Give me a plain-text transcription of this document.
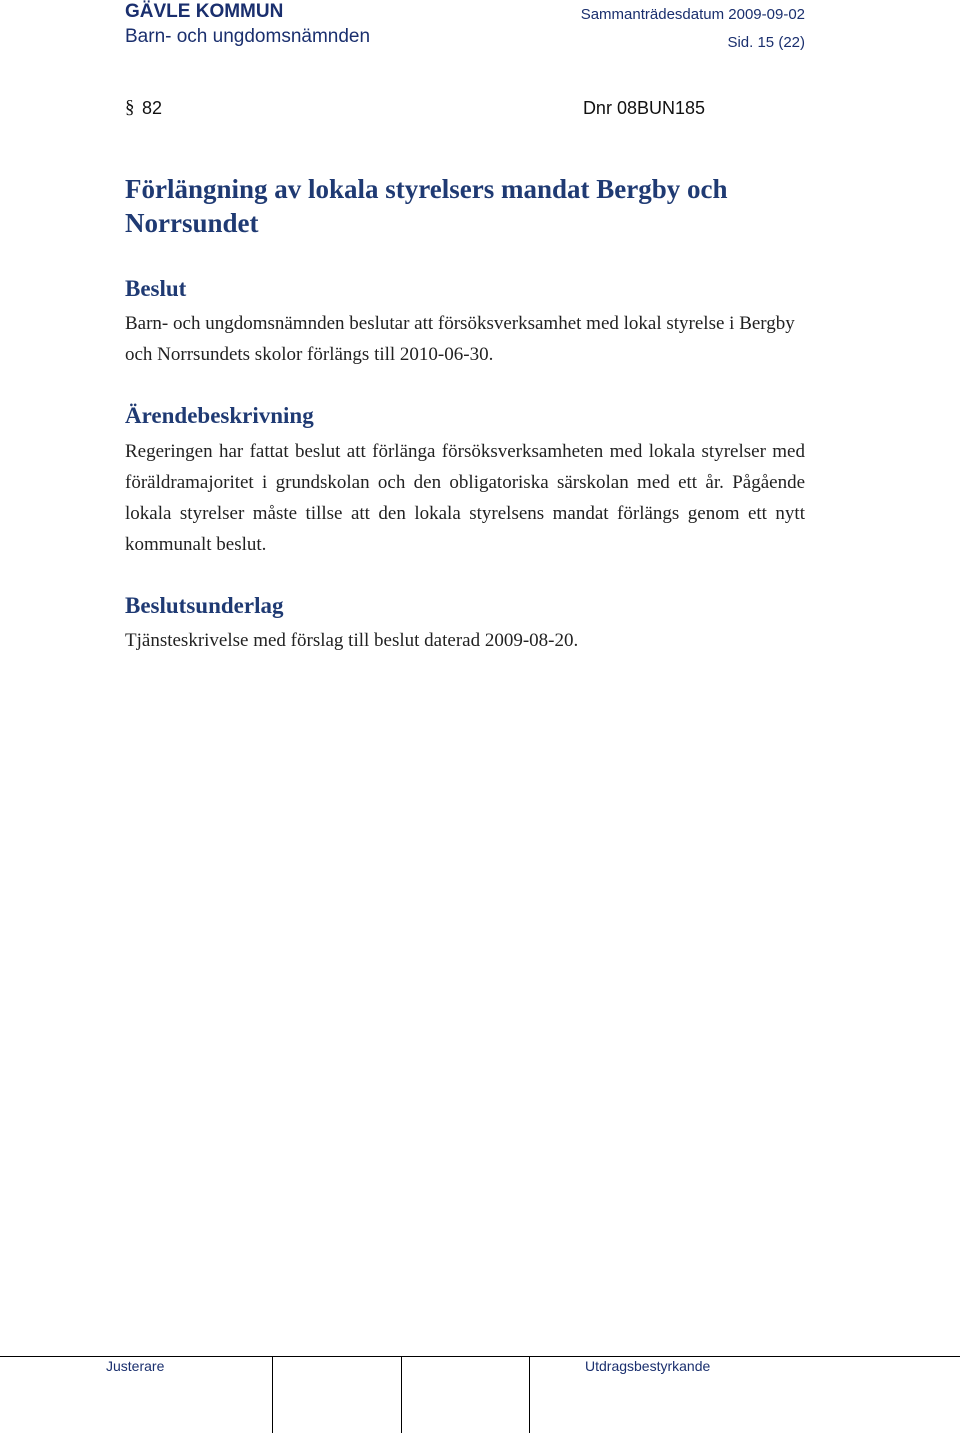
GÄVLE KOMMUN
Barn- och ungdomsnämnden
Sammanträdesdatum 2009-09-02
Sid. 15 (22)
§ 82	Dnr 08BUN185
Förlängning av lokala styrelsers mandat Bergby och Norrsundet
Beslut

Barn- och ungdomsnämnden beslutar att försöksverksamhet med lokal styrelse i Bergby och Norrsundets skolor förlängs till 2010-06-30.

Ärendebeskrivning

Regeringen har fattat beslut att förlänga försöksverksamheten med lokala styrelser med föräldramajoritet i grundskolan och den obligatoriska särskolan med ett år. Pågående lokala styrelser måste tillse att den lokala styrelsens mandat förlängs genom ett nytt kommunalt beslut.

Beslutsunderlag

Tjänsteskrivelse med förslag till beslut daterad 2009-08-20.

Justerare	Utdragsbestyrkande
